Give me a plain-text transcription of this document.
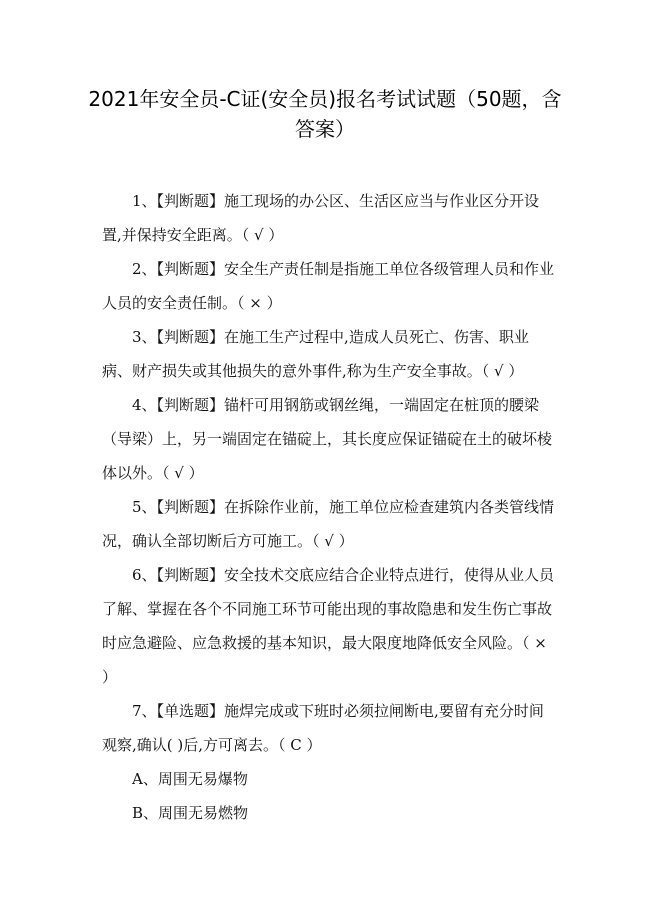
2021年安全员-C证(安全员)报名考试试题（50题，含答案）

1、【判断题】施工现场的办公区、生活区应当与作业区分开设置,并保持安全距离。（ √ ）

2、【判断题】安全生产责任制是指施工单位各级管理人员和作业人员的安全责任制。（ × ）

3、【判断题】在施工生产过程中,造成人员死亡、伤害、职业病、财产损失或其他损失的意外事件,称为生产安全事故。（ √ ）

4、【判断题】锚杆可用钢筋或钢丝绳，一端固定在桩顶的腰梁（导梁）上，另一端固定在锚碇上，其长度应保证锚碇在土的破坏棱体以外。（ √ ）

5、【判断题】在拆除作业前，施工单位应检查建筑内各类管线情况，确认全部切断后方可施工。（ √ ）

6、【判断题】安全技术交底应结合企业特点进行，使得从业人员了解、掌握在各个不同施工环节可能出现的事故隐患和发生伤亡事故时应急避险、应急救援的基本知识，最大限度地降低安全风险。（ × ）

7、【单选题】施焊完成或下班时必须拉闸断电,要留有充分时间观察,确认( )后,方可离去。（ C ）

A、周围无易爆物

B、周围无易燃物
